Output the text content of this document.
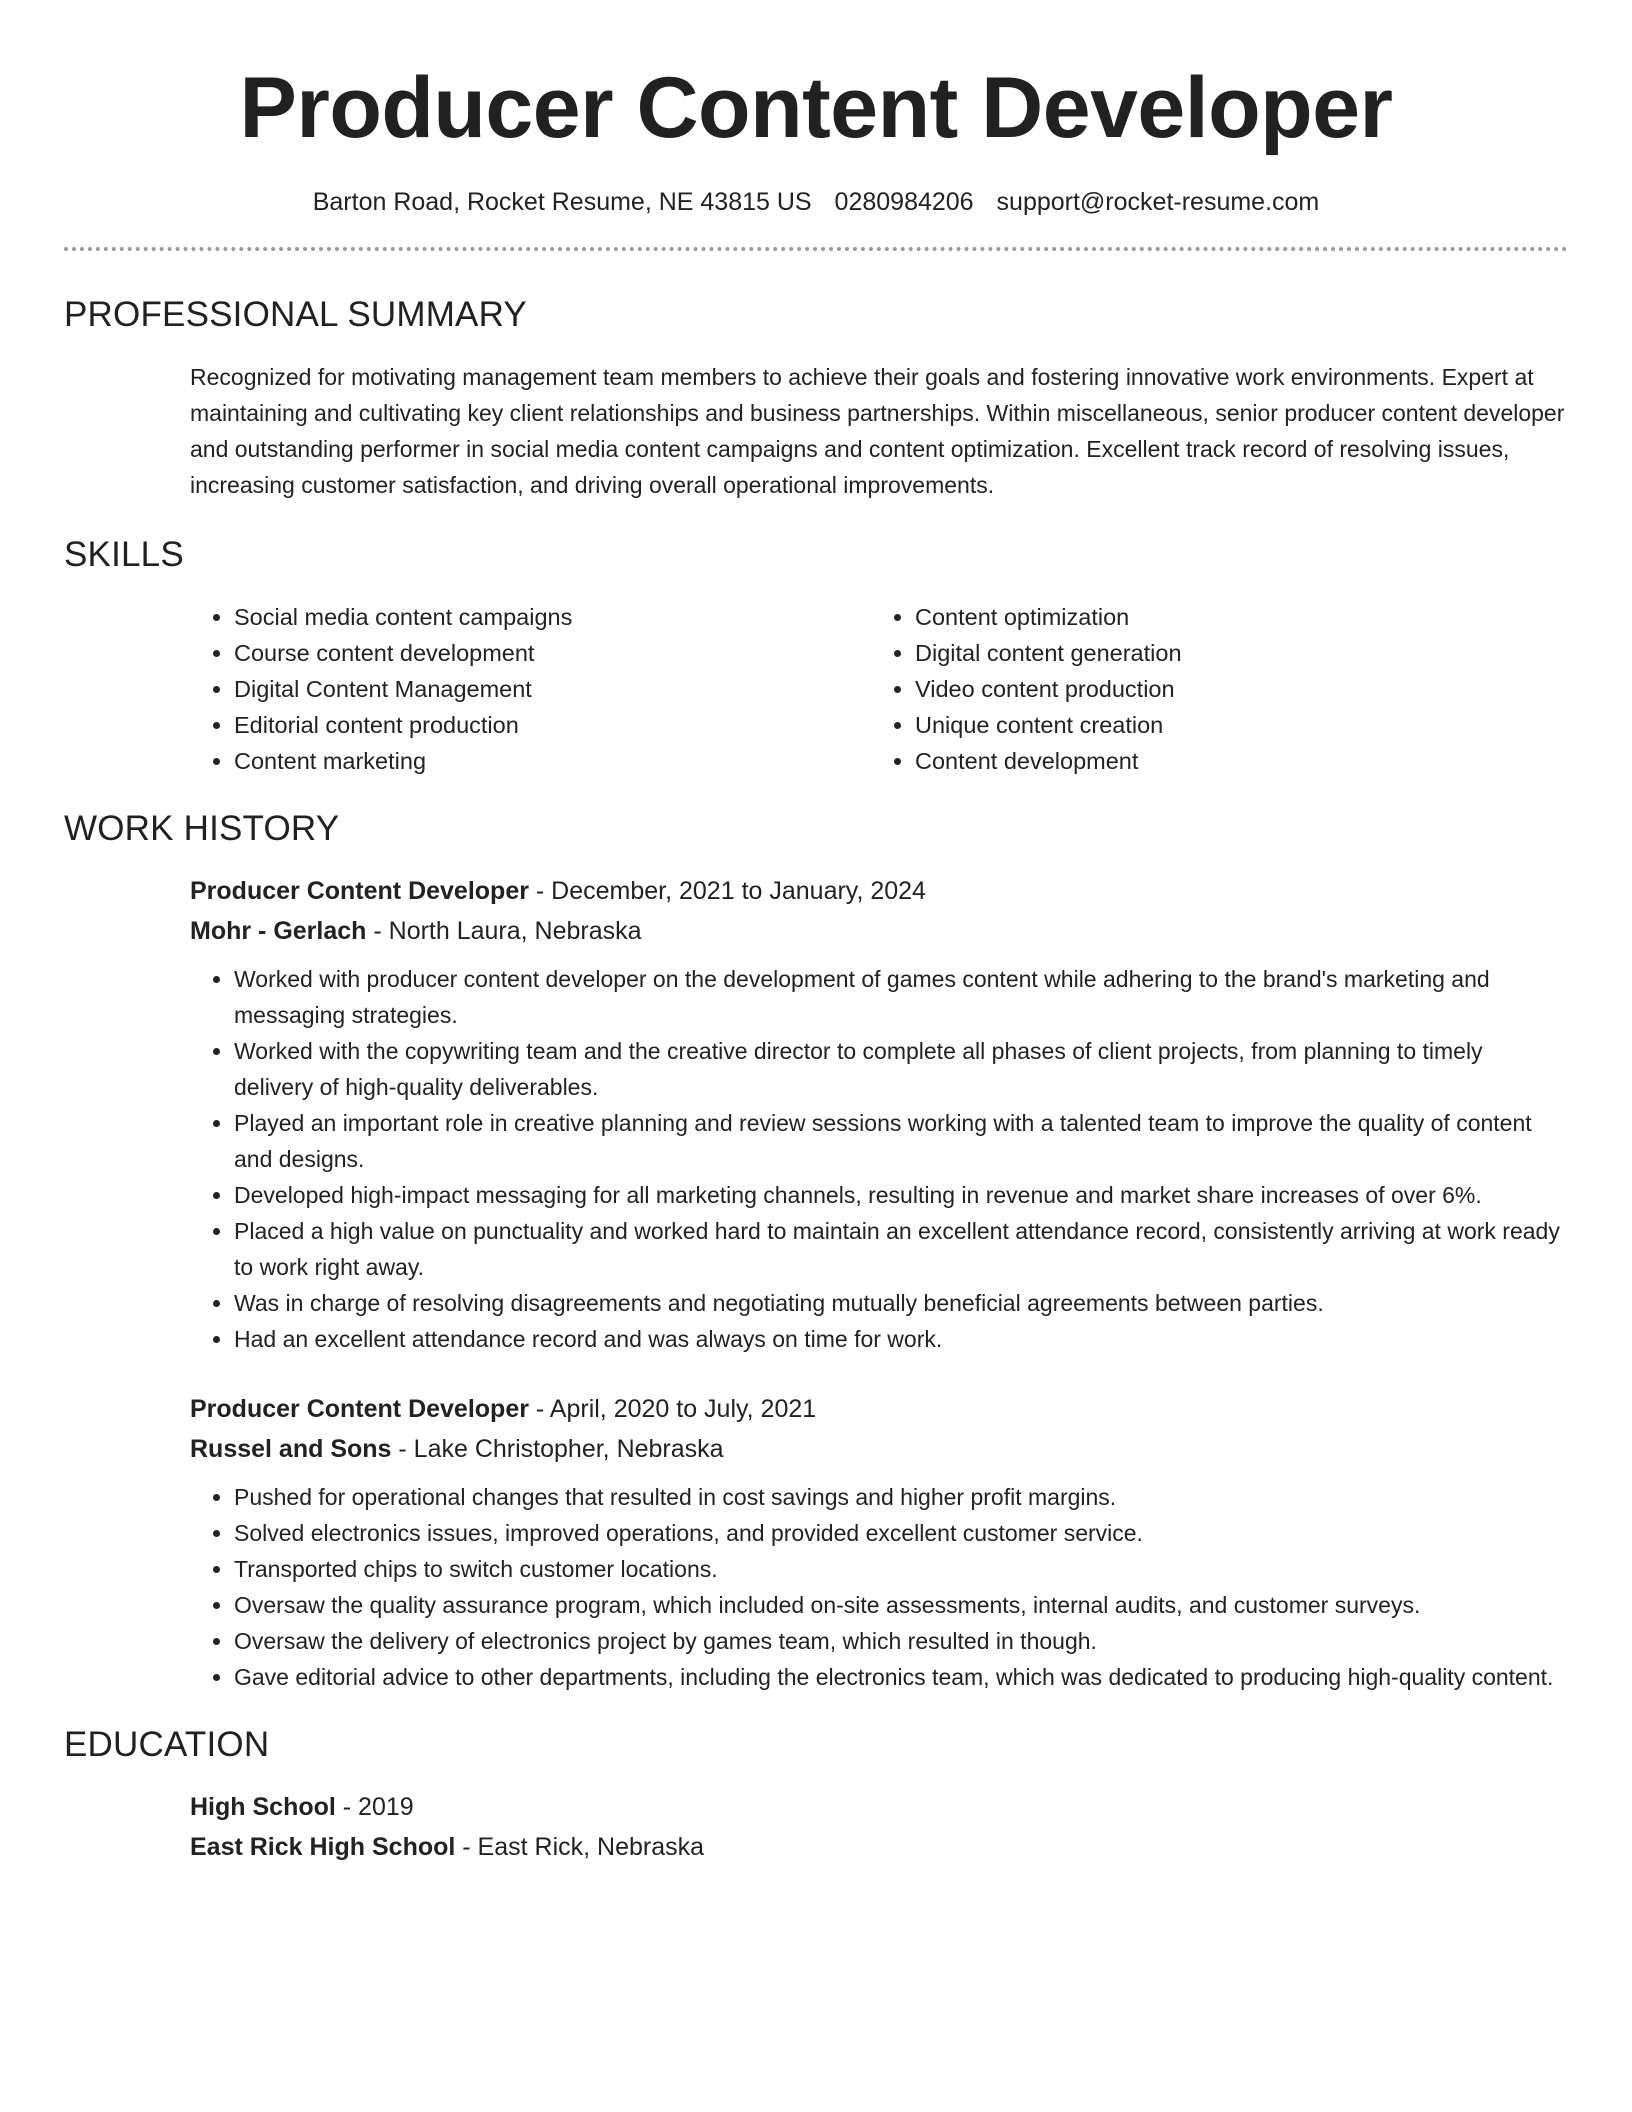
Producer Content Developer
Barton Road, Rocket Resume, NE 43815 US 0280984206 support@rocket-resume.com
PROFESSIONAL SUMMARY
Recognized for motivating management team members to achieve their goals and fostering innovative work environments. Expert at maintaining and cultivating key client relationships and business partnerships. Within miscellaneous, senior producer content developer and outstanding performer in social media content campaigns and content optimization. Excellent track record of resolving issues, increasing customer satisfaction, and driving overall operational improvements.
SKILLS
• Social media content campaigns
• Course content development
• Digital Content Management
• Editorial content production
• Content marketing
• Content optimization
• Digital content generation
• Video content production
• Unique content creation
• Content development
WORK HISTORY
Producer Content Developer - December, 2021 to January, 2024
Mohr - Gerlach - North Laura, Nebraska
• Worked with producer content developer on the development of games content while adhering to the brand's marketing and messaging strategies.
• Worked with the copywriting team and the creative director to complete all phases of client projects, from planning to timely delivery of high-quality deliverables.
• Played an important role in creative planning and review sessions working with a talented team to improve the quality of content and designs.
• Developed high-impact messaging for all marketing channels, resulting in revenue and market share increases of over 6%.
• Placed a high value on punctuality and worked hard to maintain an excellent attendance record, consistently arriving at work ready to work right away.
• Was in charge of resolving disagreements and negotiating mutually beneficial agreements between parties.
• Had an excellent attendance record and was always on time for work.
Producer Content Developer - April, 2020 to July, 2021
Russel and Sons - Lake Christopher, Nebraska
• Pushed for operational changes that resulted in cost savings and higher profit margins.
• Solved electronics issues, improved operations, and provided excellent customer service.
• Transported chips to switch customer locations.
• Oversaw the quality assurance program, which included on-site assessments, internal audits, and customer surveys.
• Oversaw the delivery of electronics project by games team, which resulted in though.
• Gave editorial advice to other departments, including the electronics team, which was dedicated to producing high-quality content.
EDUCATION
High School - 2019
East Rick High School - East Rick, Nebraska
